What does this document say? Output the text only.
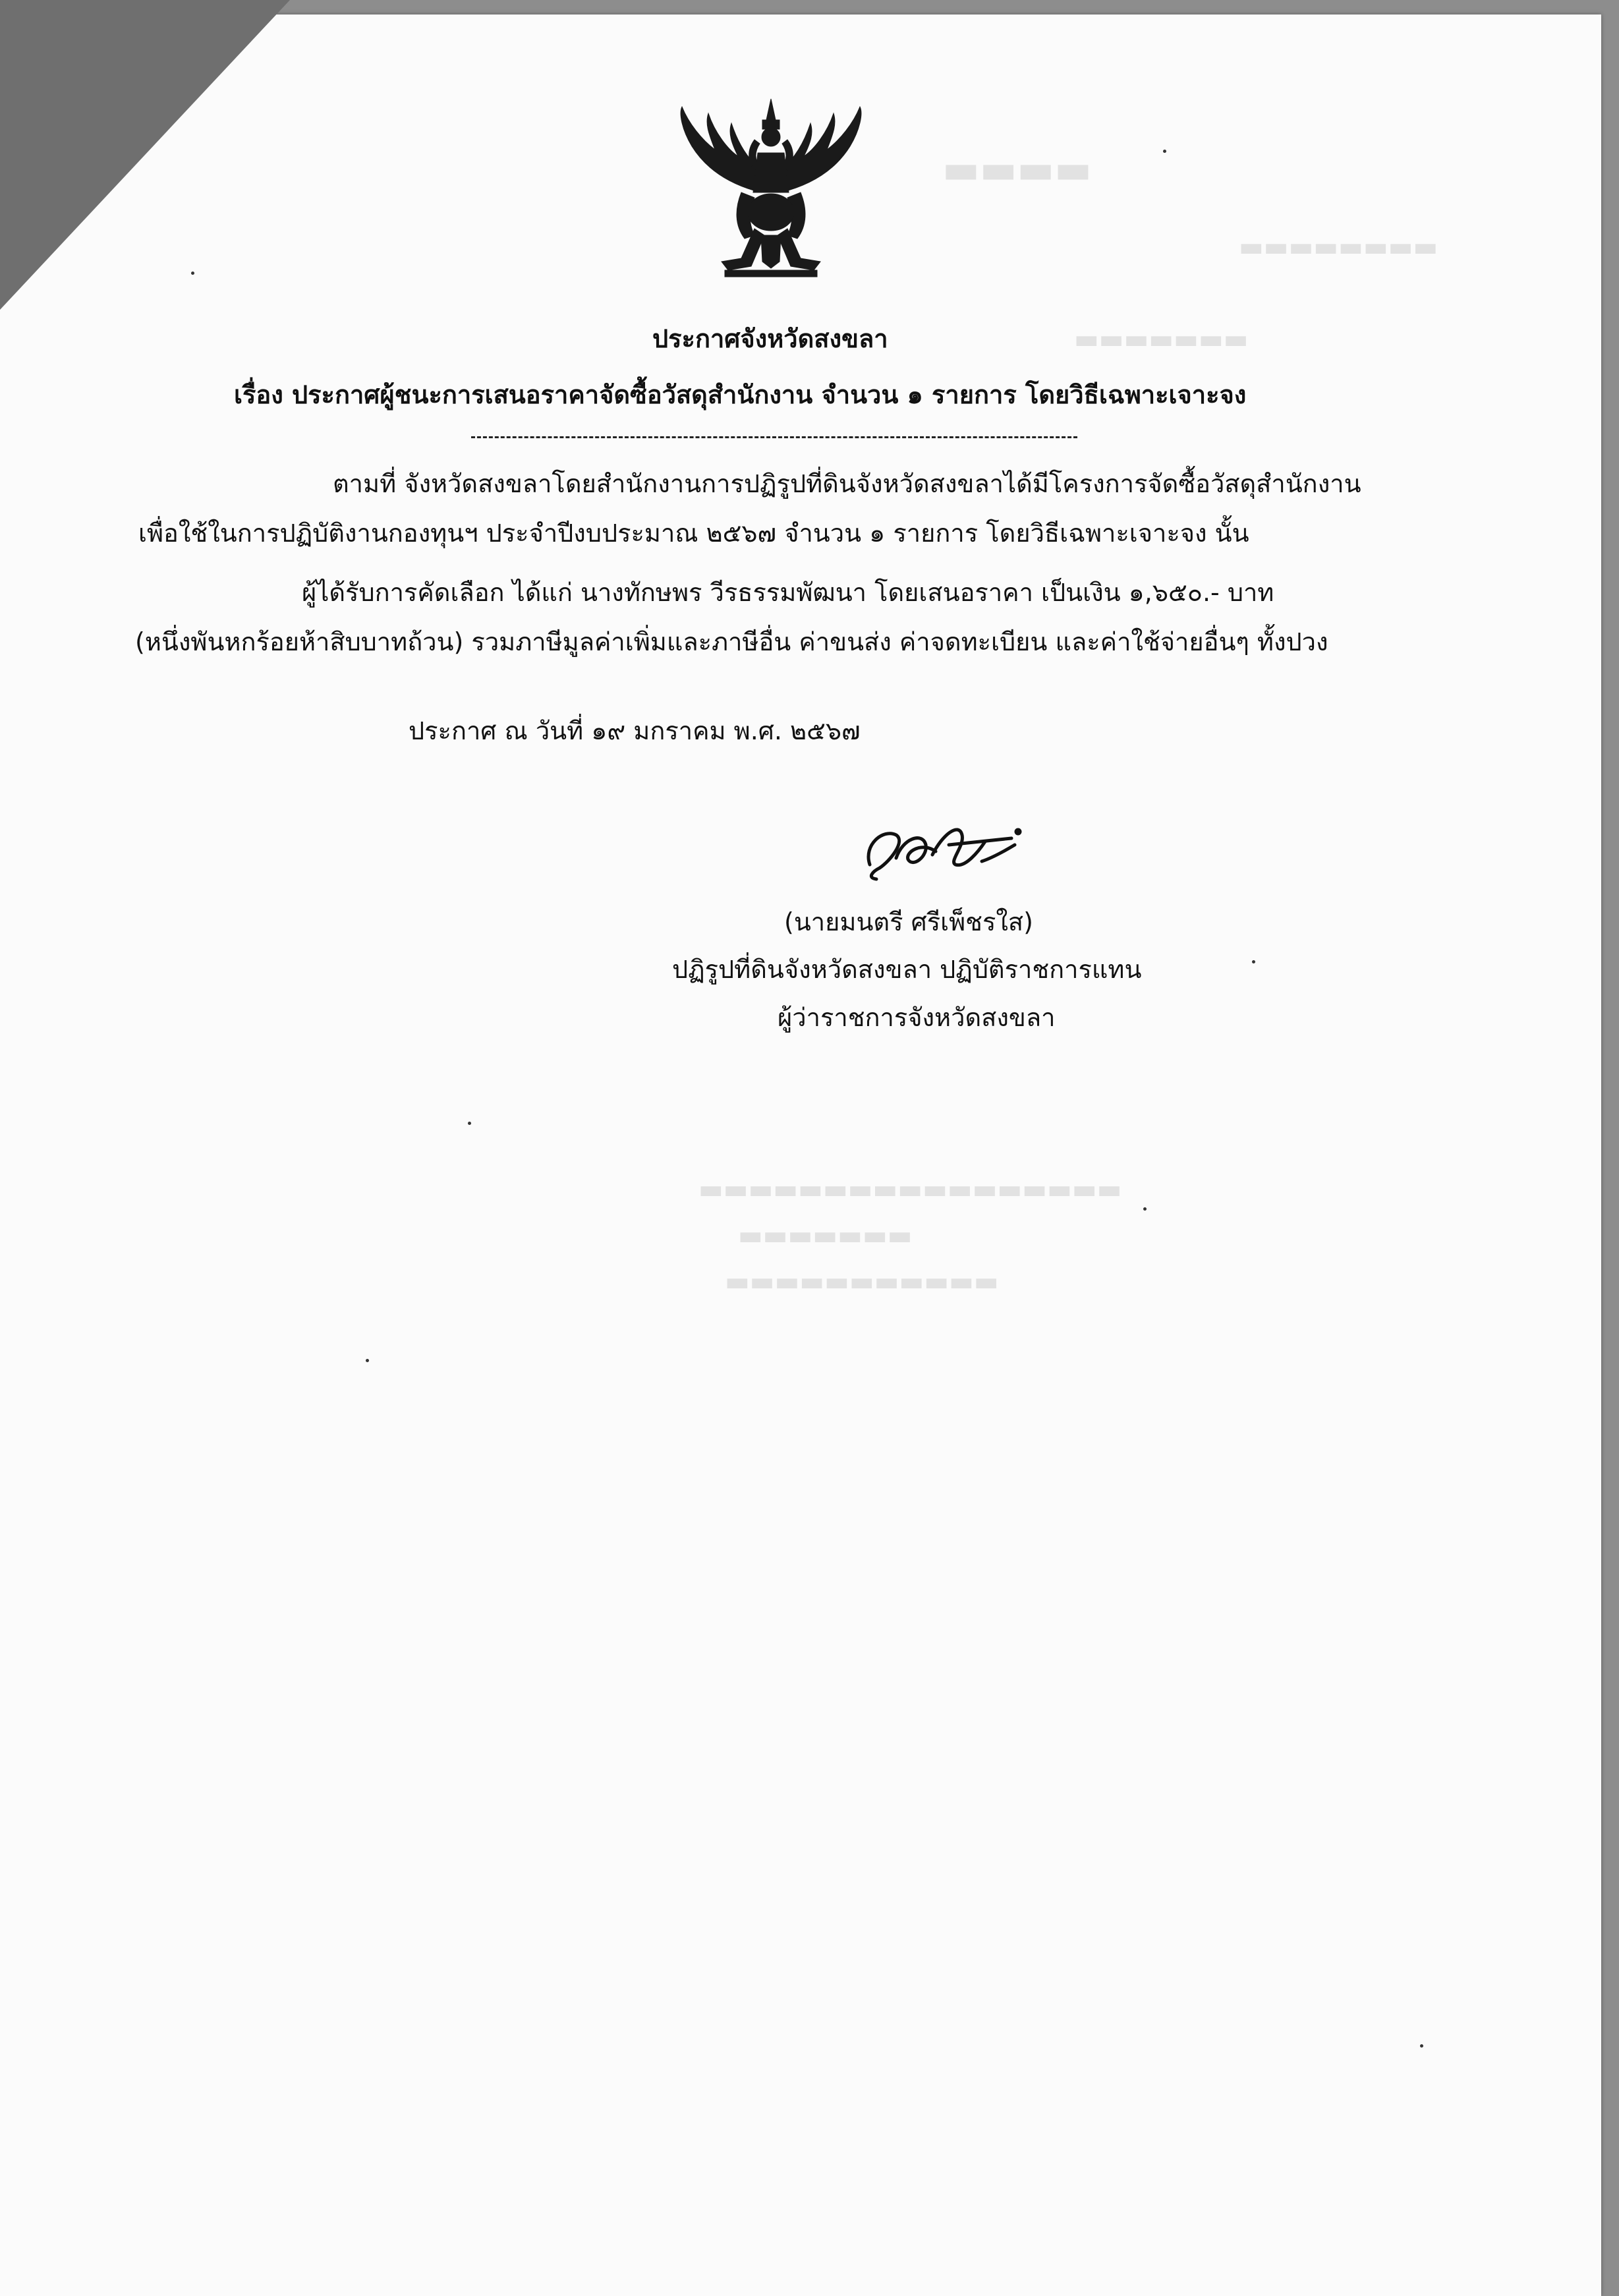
▬▬▬▬
▬▬▬▬▬▬▬▬
▬▬▬▬▬▬▬
▬▬▬▬▬▬▬▬▬▬▬▬▬▬▬▬▬
▬▬▬▬▬▬▬
▬▬▬▬▬▬▬▬▬▬▬
ประกาศจังหวัดสงขลา
เรื่อง ประกาศผู้ชนะการเสนอราคาจัดซื้อวัสดุสำนักงาน จำนวน ๑ รายการ โดยวิธีเฉพาะเจาะจง
ตามที่ จังหวัดสงขลาโดยสำนักงานการปฏิรูปที่ดินจังหวัดสงขลาได้มีโครงการจัดซื้อวัสดุสำนักงาน
เพื่อใช้ในการปฏิบัติงานกองทุนฯ ประจำปีงบประมาณ ๒๕๖๗ จำนวน ๑ รายการ โดยวิธีเฉพาะเจาะจง นั้น
ผู้ได้รับการคัดเลือก ได้แก่ นางทักษพร วีรธรรมพัฒนา โดยเสนอราคา เป็นเงิน ๑,๖๕๐.- บาท
(หนึ่งพันหกร้อยห้าสิบบาทถ้วน) รวมภาษีมูลค่าเพิ่มและภาษีอื่น ค่าขนส่ง ค่าจดทะเบียน และค่าใช้จ่ายอื่นๆ ทั้งปวง
ประกาศ ณ วันที่ ๑๙ มกราคม พ.ศ. ๒๕๖๗
(นายมนตรี ศรีเพ็ชรใส)
ปฏิรูปที่ดินจังหวัดสงขลา ปฏิบัติราชการแทน
ผู้ว่าราชการจังหวัดสงขลา
